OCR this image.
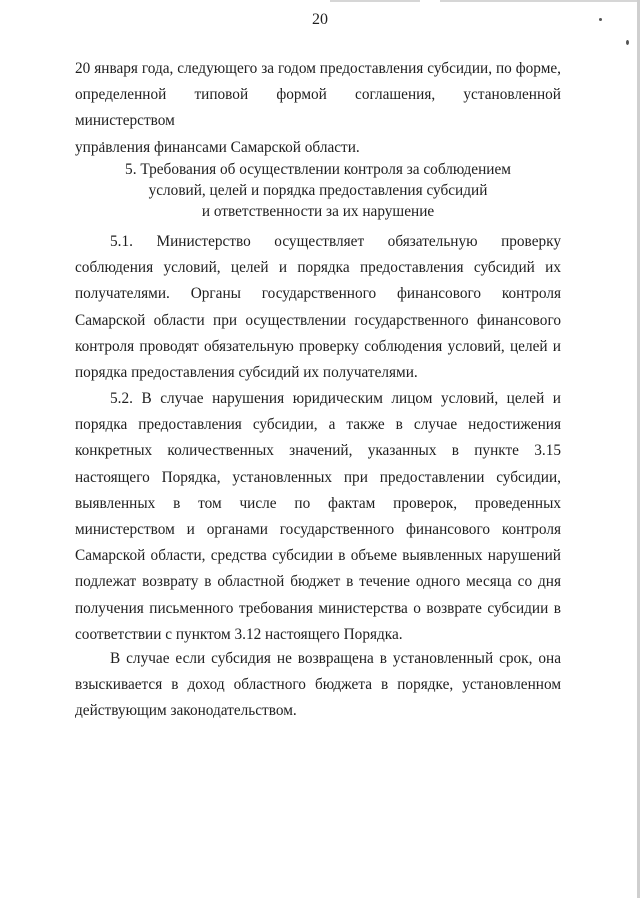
20

20 января года, следующего за годом предоставления субсидии, по форме,

определенной типовой формой соглашения, установленной министерством

управления финансами Самарской области.

5. Требования об осуществлении контроля за соблюдением
условий, целей и порядка предоставления субсидий
и ответственности за их нарушение

5.1. Министерство осуществляет обязательную проверку соблюдения условий, целей и порядка предоставления субсидий их получателями. Органы государственного финансового контроля Самарской области при осуществлении государственного финансового контроля проводят обязательную проверку соблюдения условий, целей и порядка предоставления субсидий их получателями.

5.2. В случае нарушения юридическим лицом условий, целей и порядка предоставления субсидии, а также в случае недостижения конкретных количественных значений, указанных в пункте 3.15 настоящего Порядка, установленных при предоставлении субсидии, выявленных в том числе по фактам проверок, проведенных министерством и органами государственного финансового контроля Самарской области, средства субсидии в объеме выявленных нарушений подлежат возврату в областной бюджет в течение одного месяца со дня получения письменного требования министерства о возврате субсидии в соответствии с пунктом 3.12 настоящего Порядка.

В случае если субсидия не возвращена в установленный срок, она взыскивается в доход областного бюджета в порядке, установленном действующим законодательством.
